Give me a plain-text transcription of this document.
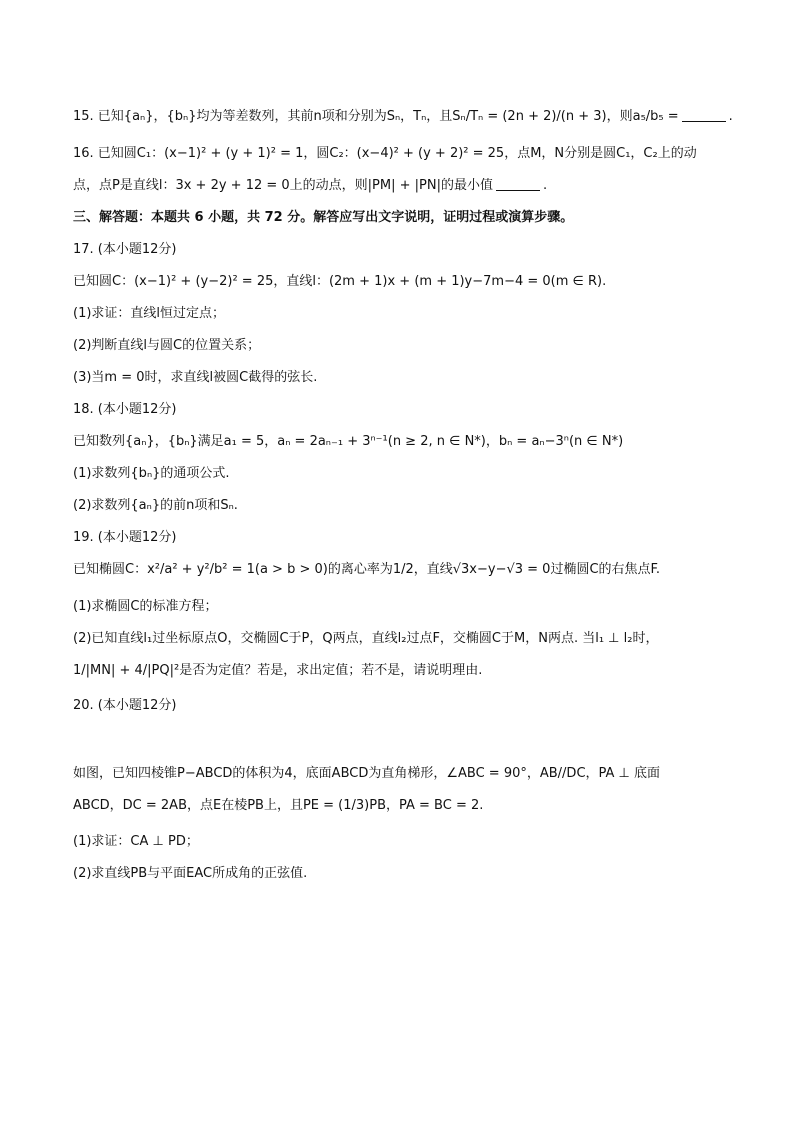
15. 已知{aₙ}，{bₙ}均为等差数列，其前n项和分别为Sₙ，Tₙ，且Sₙ/Tₙ = (2n + 2)/(n + 3)，则a₅/b₅ =	.
16. 已知圆C₁：(x−1)² + (y + 1)² = 1，圆C₂：(x−4)² + (y + 2)² = 25，点M，N分别是圆C₁，C₂上的动
点，点P是直线l：3x + 2y + 12 = 0上的动点，则|PM| + |PN|的最小值	.
三、解答题：本题共 6 小题，共 72 分。解答应写出文字说明，证明过程或演算步骤。
17. (本小题12分)
已知圆C：(x−1)² + (y−2)² = 25，直线l：(2m + 1)x + (m + 1)y−7m−4 = 0(m ∈ R).
(1)求证：直线l恒过定点；
(2)判断直线l与圆C的位置关系；
(3)当m = 0时，求直线l被圆C截得的弦长.
18. (本小题12分)
已知数列{aₙ}，{bₙ}满足a₁ = 5，aₙ = 2aₙ₋₁ + 3ⁿ⁻¹(n ≥ 2, n ∈ N*)，bₙ = aₙ−3ⁿ(n ∈ N*)
(1)求数列{bₙ}的通项公式.
(2)求数列{aₙ}的前n项和Sₙ.
19. (本小题12分)
已知椭圆C：x²/a² + y²/b² = 1(a > b > 0)的离心率为1/2，直线√3x−y−√3 = 0过椭圆C的右焦点F.
(1)求椭圆C的标准方程；
(2)已知直线l₁过坐标原点O，交椭圆C于P，Q两点，直线l₂过点F，交椭圆C于M，N两点. 当l₁ ⊥ l₂时，
1/|MN| + 4/|PQ|²是否为定值？若是，求出定值；若不是，请说明理由.
20. (本小题12分)
如图，已知四棱锥P−ABCD的体积为4，底面ABCD为直角梯形，∠ABC = 90°，AB//DC，PA ⊥ 底面
ABCD，DC = 2AB，点E在棱PB上，且PE = (1/3)PB，PA = BC = 2.
(1)求证：CA ⊥ PD；
(2)求直线PB与平面EAC所成角的正弦值.
